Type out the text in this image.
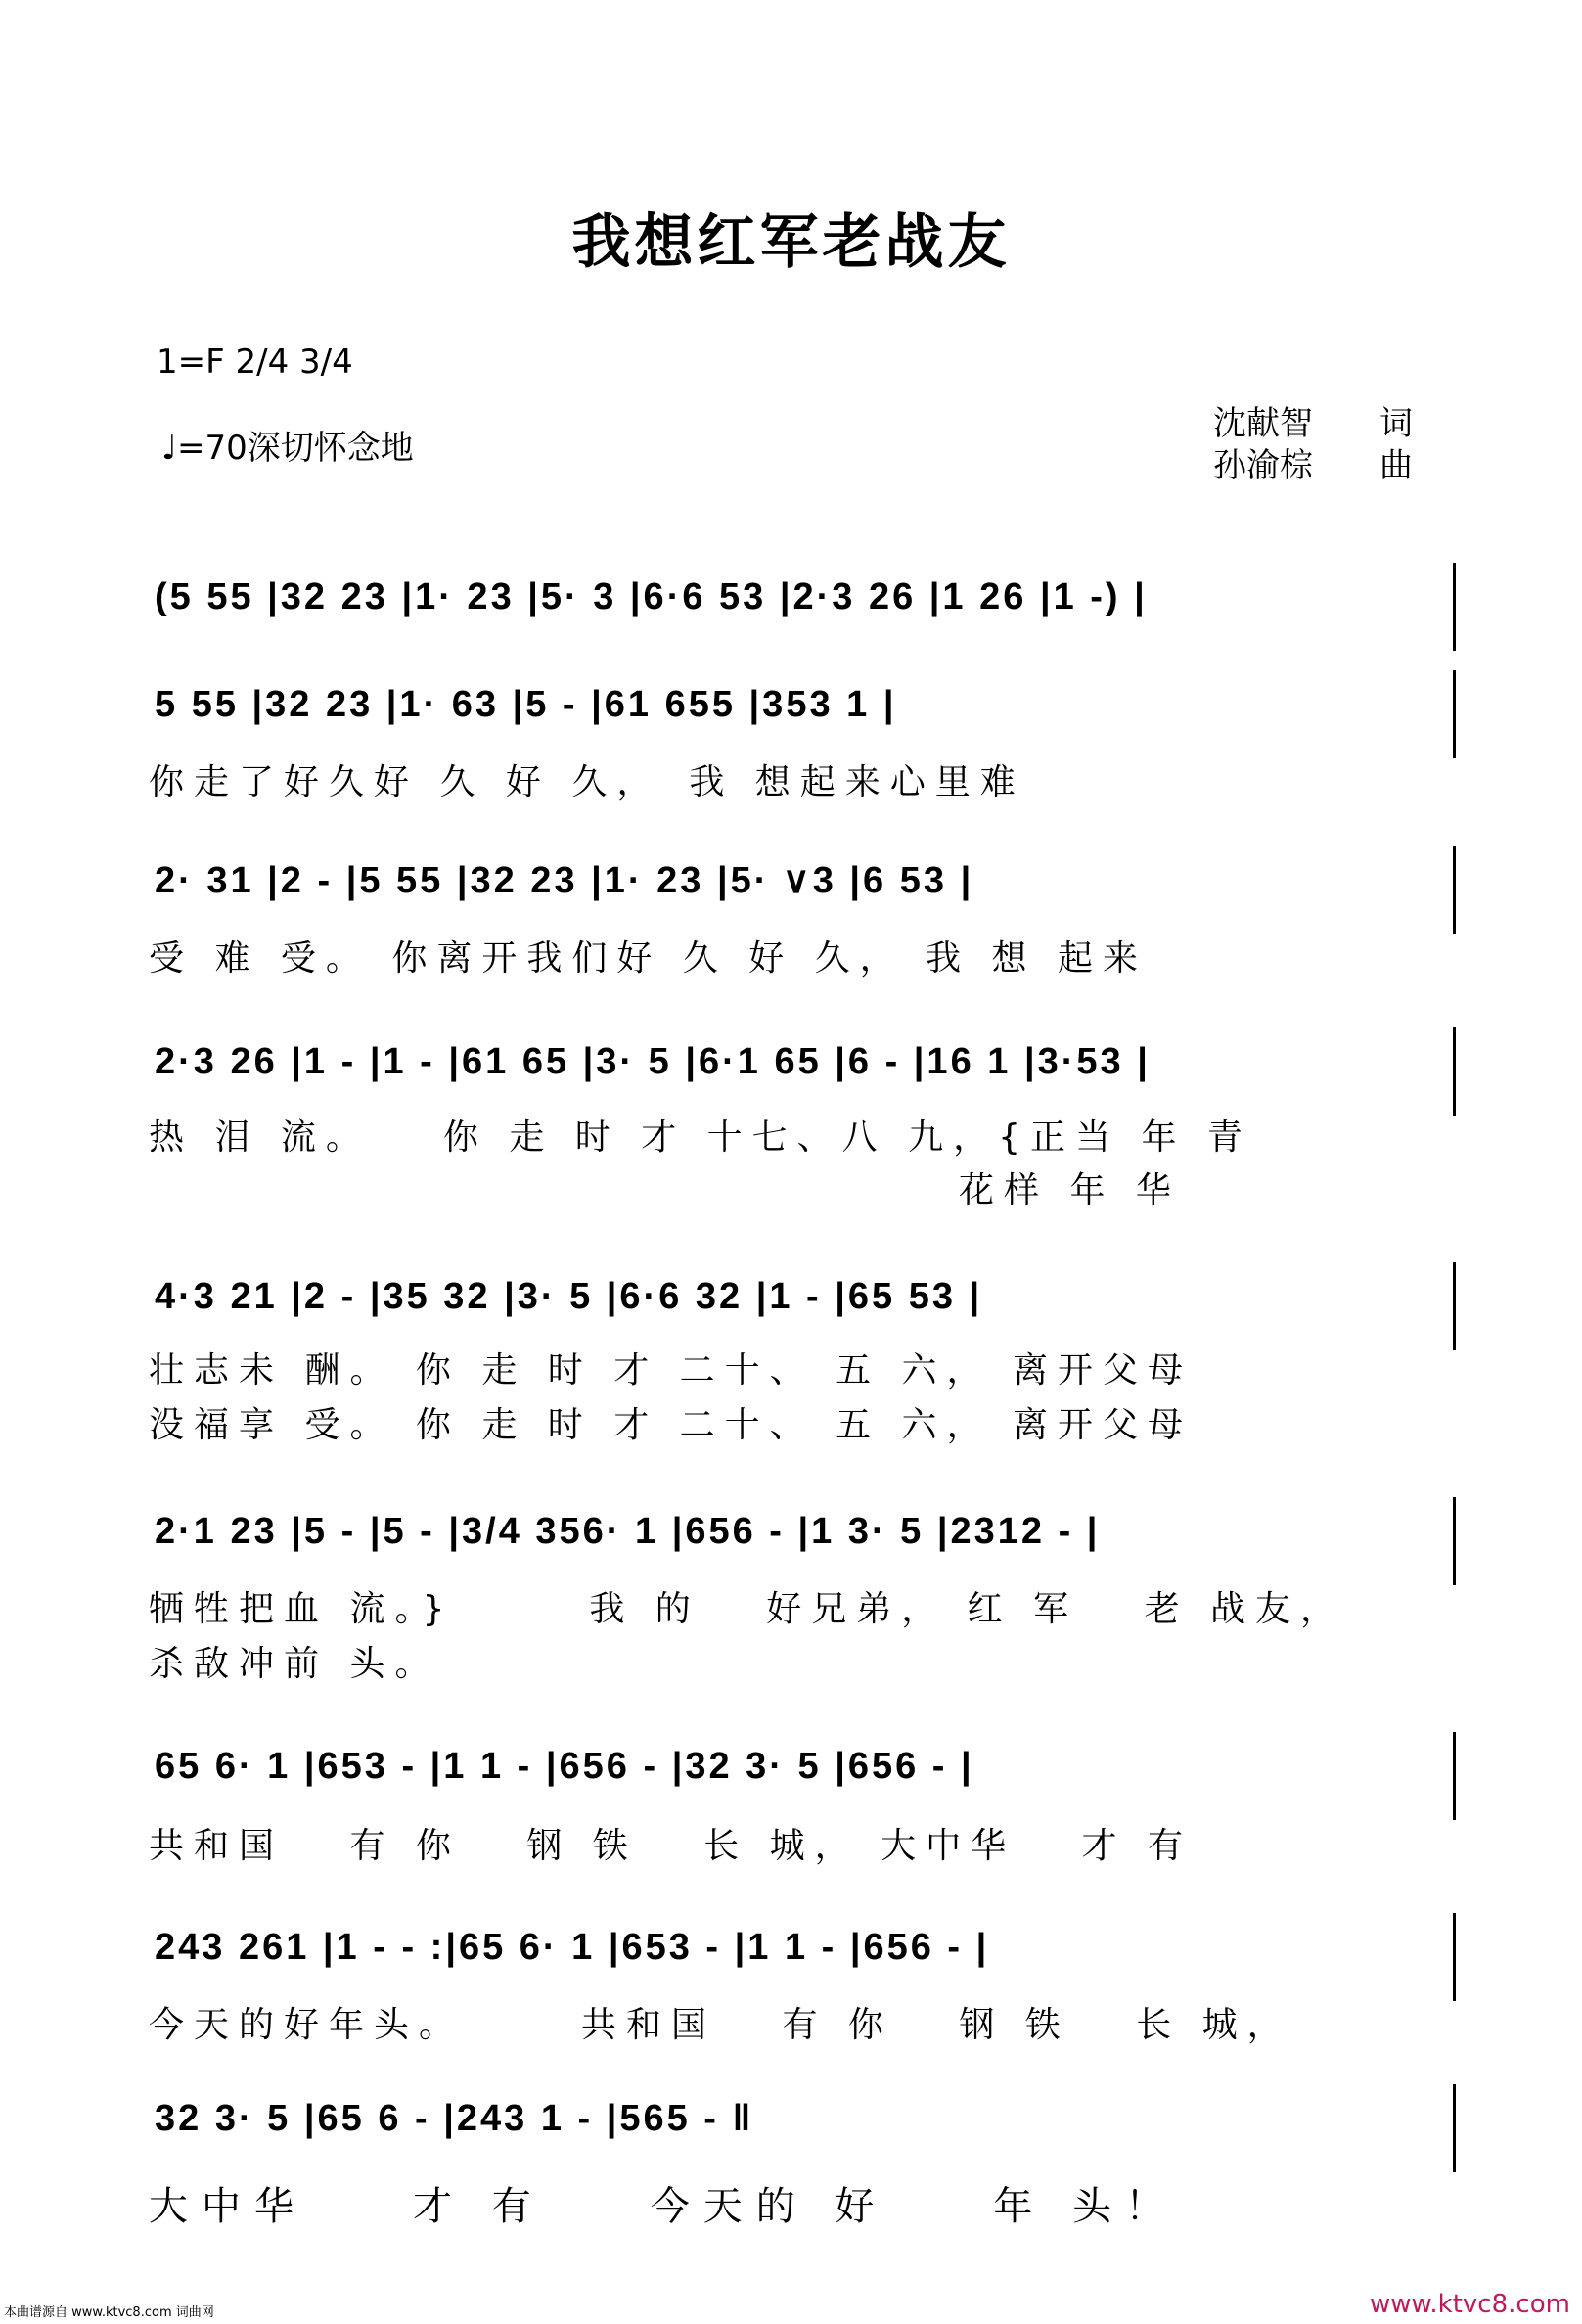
我想红军老战友
1=F 2/4 3/4
♩=70深切怀念地
沈献智　　词
孙渝棕　　曲
(5 55 |32 23 |1· 23 |5· 3 |6·6 53 |2·3 26 |1 26 |1 -) |
5 55 |32 23 |1· 63 |5 - |61 655 |353 1 |
你走了好久好 久 好 久，　我 想起来心里难
2· 31 |2 - |5 55 |32 23 |1· 23 |5· ∨3 |6 53 |
受 难 受。 你离开我们好 久 好 久， 我 想 起来
2·3 26 |1 - |1 - |61 65 |3· 5 |6·1 65 |6 - |16 1 |3·53 |
热 泪 流。　　你 走 时 才 十七、八 九，{正当 年 青
　　　　　　　　　　　　　　　　　　花样 年 华
4·3 21 |2 - |35 32 |3· 5 |6·6 32 |1 - |65 53 |
壮志未 酬。 你 走 时 才 二十、 五 六， 离开父母
没福享 受。 你 走 时 才 二十、 五 六， 离开父母
2·1 23 |5 - |5 - |3/4 356· 1 |656 - |1 3· 5 |2312 - |
牺牲把血 流。}　　　我 的　 好兄弟， 红 军　 老 战友，
杀敌冲前 头。
65 6· 1 |653 - |1 1 - |656 - |32 3· 5 |656 - |
共和国　 有 你　 钢 铁　 长 城， 大中华　 才 有
243 261 |1 - - :|65 6· 1 |653 - |1 1 - |656 - |
今天的好年头。　　　共和国　 有 你　 钢 铁　 长 城，
32 3· 5 |65 6 - |243 1 - |565 - ‖
大中华　　才 有　　今天的 好　　年 头！
本曲谱源自 www.ktvc8.com 词曲网	www.ktvc8.com
